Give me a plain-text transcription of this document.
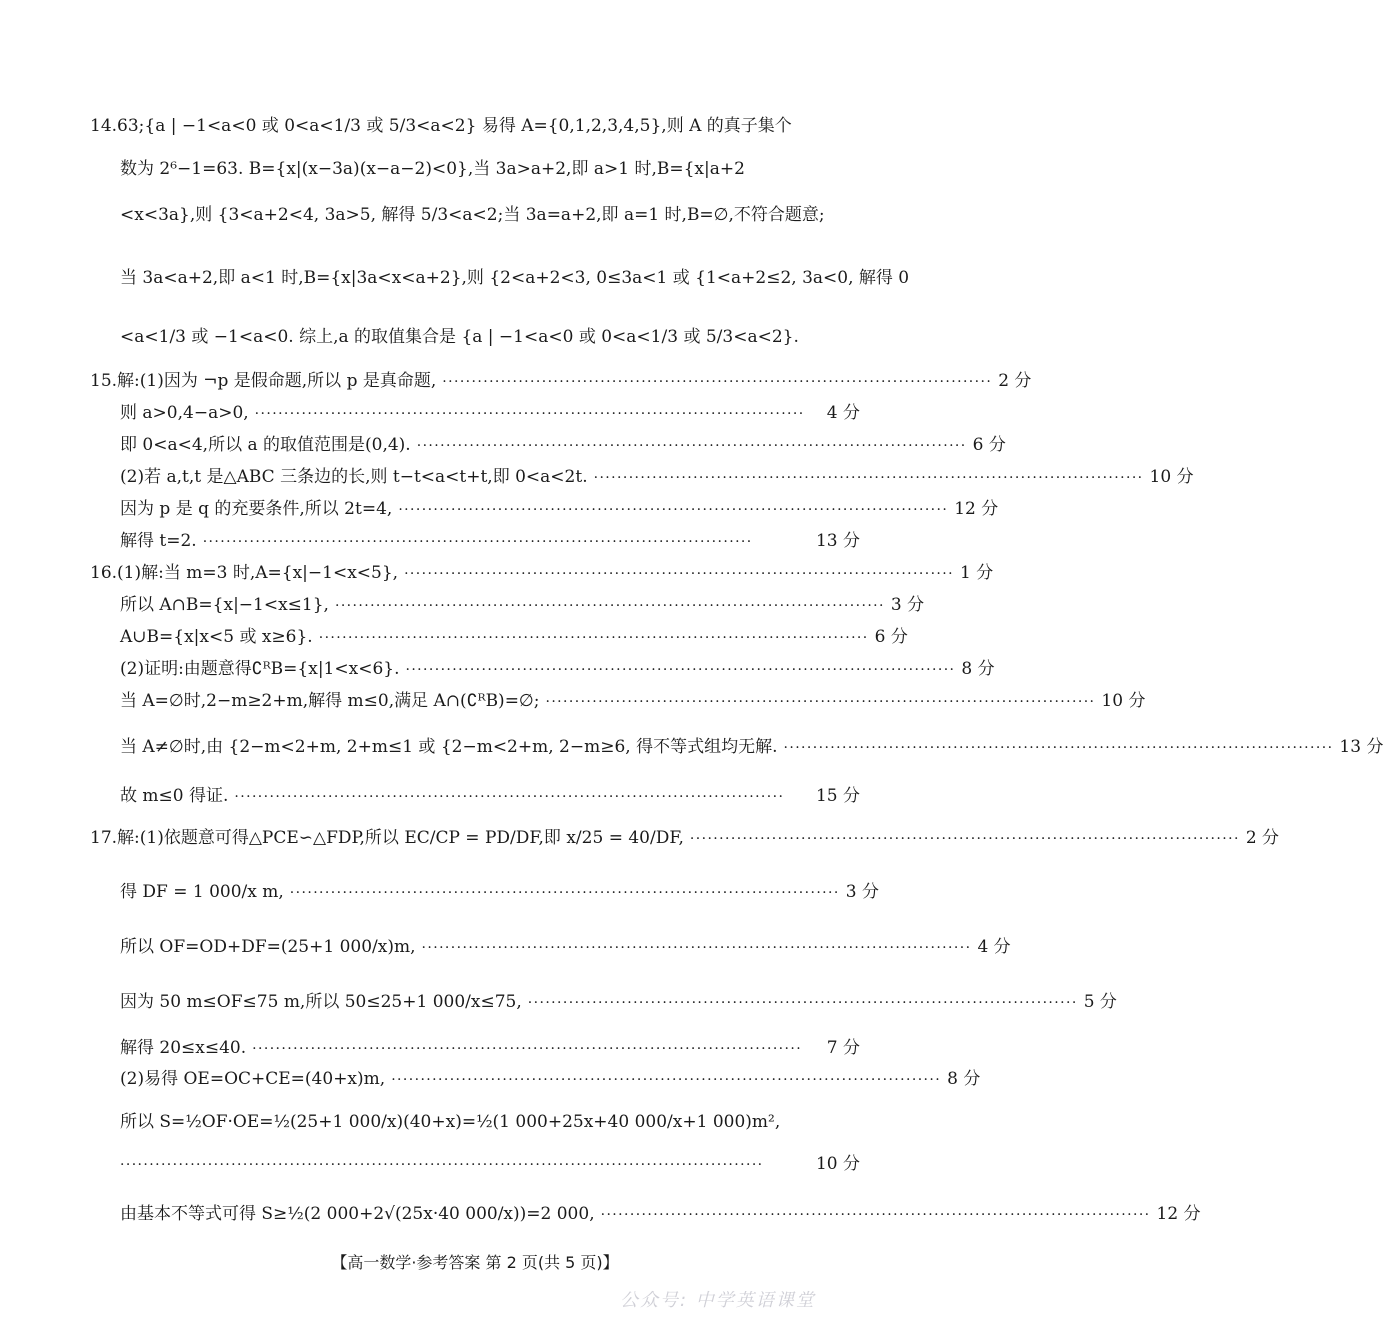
14.63;{a | −1<a<0 或 0<a<1/3 或 5/3<a<2} 易得 A={0,1,2,3,4,5},则 A 的真子集个
数为 2⁶−1=63. B={x|(x−3a)(x−a−2)<0},当 3a>a+2,即 a>1 时,B={x|a+2
<x<3a},则 {3<a+2<4, 3a>5, 解得 5/3<a<2;当 3a=a+2,即 a=1 时,B=∅,不符合题意;
当 3a<a+2,即 a<1 时,B={x|3a<x<a+2},则 {2<a+2<3, 0≤3a<1 或 {1<a+2≤2, 3a<0, 解得 0
<a<1/3 或 −1<a<0. 综上,a 的取值集合是 {a | −1<a<0 或 0<a<1/3 或 5/3<a<2}.
15.解:(1)因为 ¬p 是假命题,所以 p 是真命题, ······························································································ 2 分
则 a>0,4−a>0, ······························································································	4 分
即 0<a<4,所以 a 的取值范围是(0,4). ······························································································ 6 分
(2)若 a,t,t 是△ABC 三条边的长,则 t−t<a<t+t,即 0<a<2t. ······························································································ 10 分
因为 p 是 q 的充要条件,所以 2t=4, ······························································································ 12 分
解得 t=2. ······························································································	13 分
16.(1)解:当 m=3 时,A={x|−1<x<5}, ······························································································ 1 分
所以 A∩B={x|−1<x≤1}, ······························································································ 3 分
A∪B={x|x<5 或 x≥6}. ······························································································ 6 分
(2)证明:由题意得∁ᴿB={x|1<x<6}. ······························································································ 8 分
当 A=∅时,2−m≥2+m,解得 m≤0,满足 A∩(∁ᴿB)=∅; ······························································································ 10 分
当 A≠∅时,由 {2−m<2+m, 2+m≤1 或 {2−m<2+m, 2−m≥6, 得不等式组均无解. ······························································································ 13 分
故 m≤0 得证. ······························································································	15 分
17.解:(1)依题意可得△PCE∽△FDP,所以 EC/CP = PD/DF,即 x/25 = 40/DF, ······························································································ 2 分
得 DF = 1 000/x m, ······························································································ 3 分
所以 OF=OD+DF=(25+1 000/x)m, ······························································································ 4 分
因为 50 m≤OF≤75 m,所以 50≤25+1 000/x≤75, ······························································································ 5 分
解得 20≤x≤40. ······························································································	7 分
(2)易得 OE=OC+CE=(40+x)m, ······························································································ 8 分
所以 S=½OF·OE=½(25+1 000/x)(40+x)=½(1 000+25x+40 000/x+1 000)m²,
··············································································································	10 分
由基本不等式可得 S≥½(2 000+2√(25x·40 000/x))=2 000, ······························································································ 12 分
【高一数学·参考答案 第 2 页(共 5 页)】
公众号: 中学英语课堂
